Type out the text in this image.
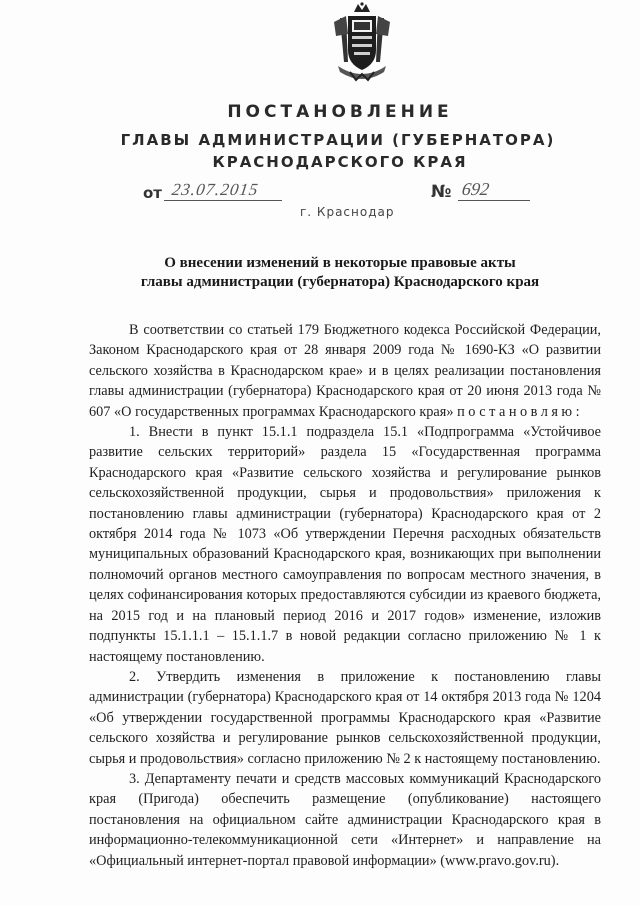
ПОСТАНОВЛЕНИЕ
ГЛАВЫ АДМИНИСТРАЦИИ (ГУБЕРНАТОРА)
КРАСНОДАРСКОГО КРАЯ
от 23.07.2015	№ 692
г. Краснодар
О внесении изменений в некоторые правовые акты
главы администрации (губернатора) Краснодарского края

В соответствии со статьей 179 Бюджетного кодекса Российской Федерации, Законом Краснодарского края от 28 января 2009 года № 1690-КЗ «О развитии сельского хозяйства в Краснодарском крае» и в целях реализации постановления главы администрации (губернатора) Краснодарского края от 20 июня 2013 года № 607 «О государственных программах Краснодарского края» постановляю:

1. Внести в пункт 15.1.1 подраздела 15.1 «Подпрограмма «Устойчивое развитие сельских территорий» раздела 15 «Государственная программа Краснодарского края «Развитие сельского хозяйства и регулирование рынков сельскохозяйственной продукции, сырья и продовольствия» приложения к постановлению главы администрации (губернатора) Краснодарского края от 2 октября 2014 года № 1073 «Об утверждении Перечня расходных обязательств муниципальных образований Краснодарского края, возникающих при выполнении полномочий органов местного самоуправления по вопросам местного значения, в целях софинансирования которых предоставляются субсидии из краевого бюджета, на 2015 год и на плановый период 2016 и 2017 годов» изменение, изложив подпункты 15.1.1.1 – 15.1.1.7 в новой редакции согласно приложению № 1 к настоящему постановлению.

2. Утвердить изменения в приложение к постановлению главы администрации (губернатора) Краснодарского края от 14 октября 2013 года № 1204 «Об утверждении государственной программы Краснодарского края «Развитие сельского хозяйства и регулирование рынков сельскохозяйственной продукции, сырья и продовольствия» согласно приложению № 2 к настоящему постановлению.

3. Департаменту печати и средств массовых коммуникаций Краснодарского края (Пригода) обеспечить размещение (опубликование) настоящего постановления на официальном сайте администрации Краснодарского края в информационно-телекоммуникационной сети «Интернет» и направление на «Официальный интернет-портал правовой информации» (www.pravo.gov.ru).
